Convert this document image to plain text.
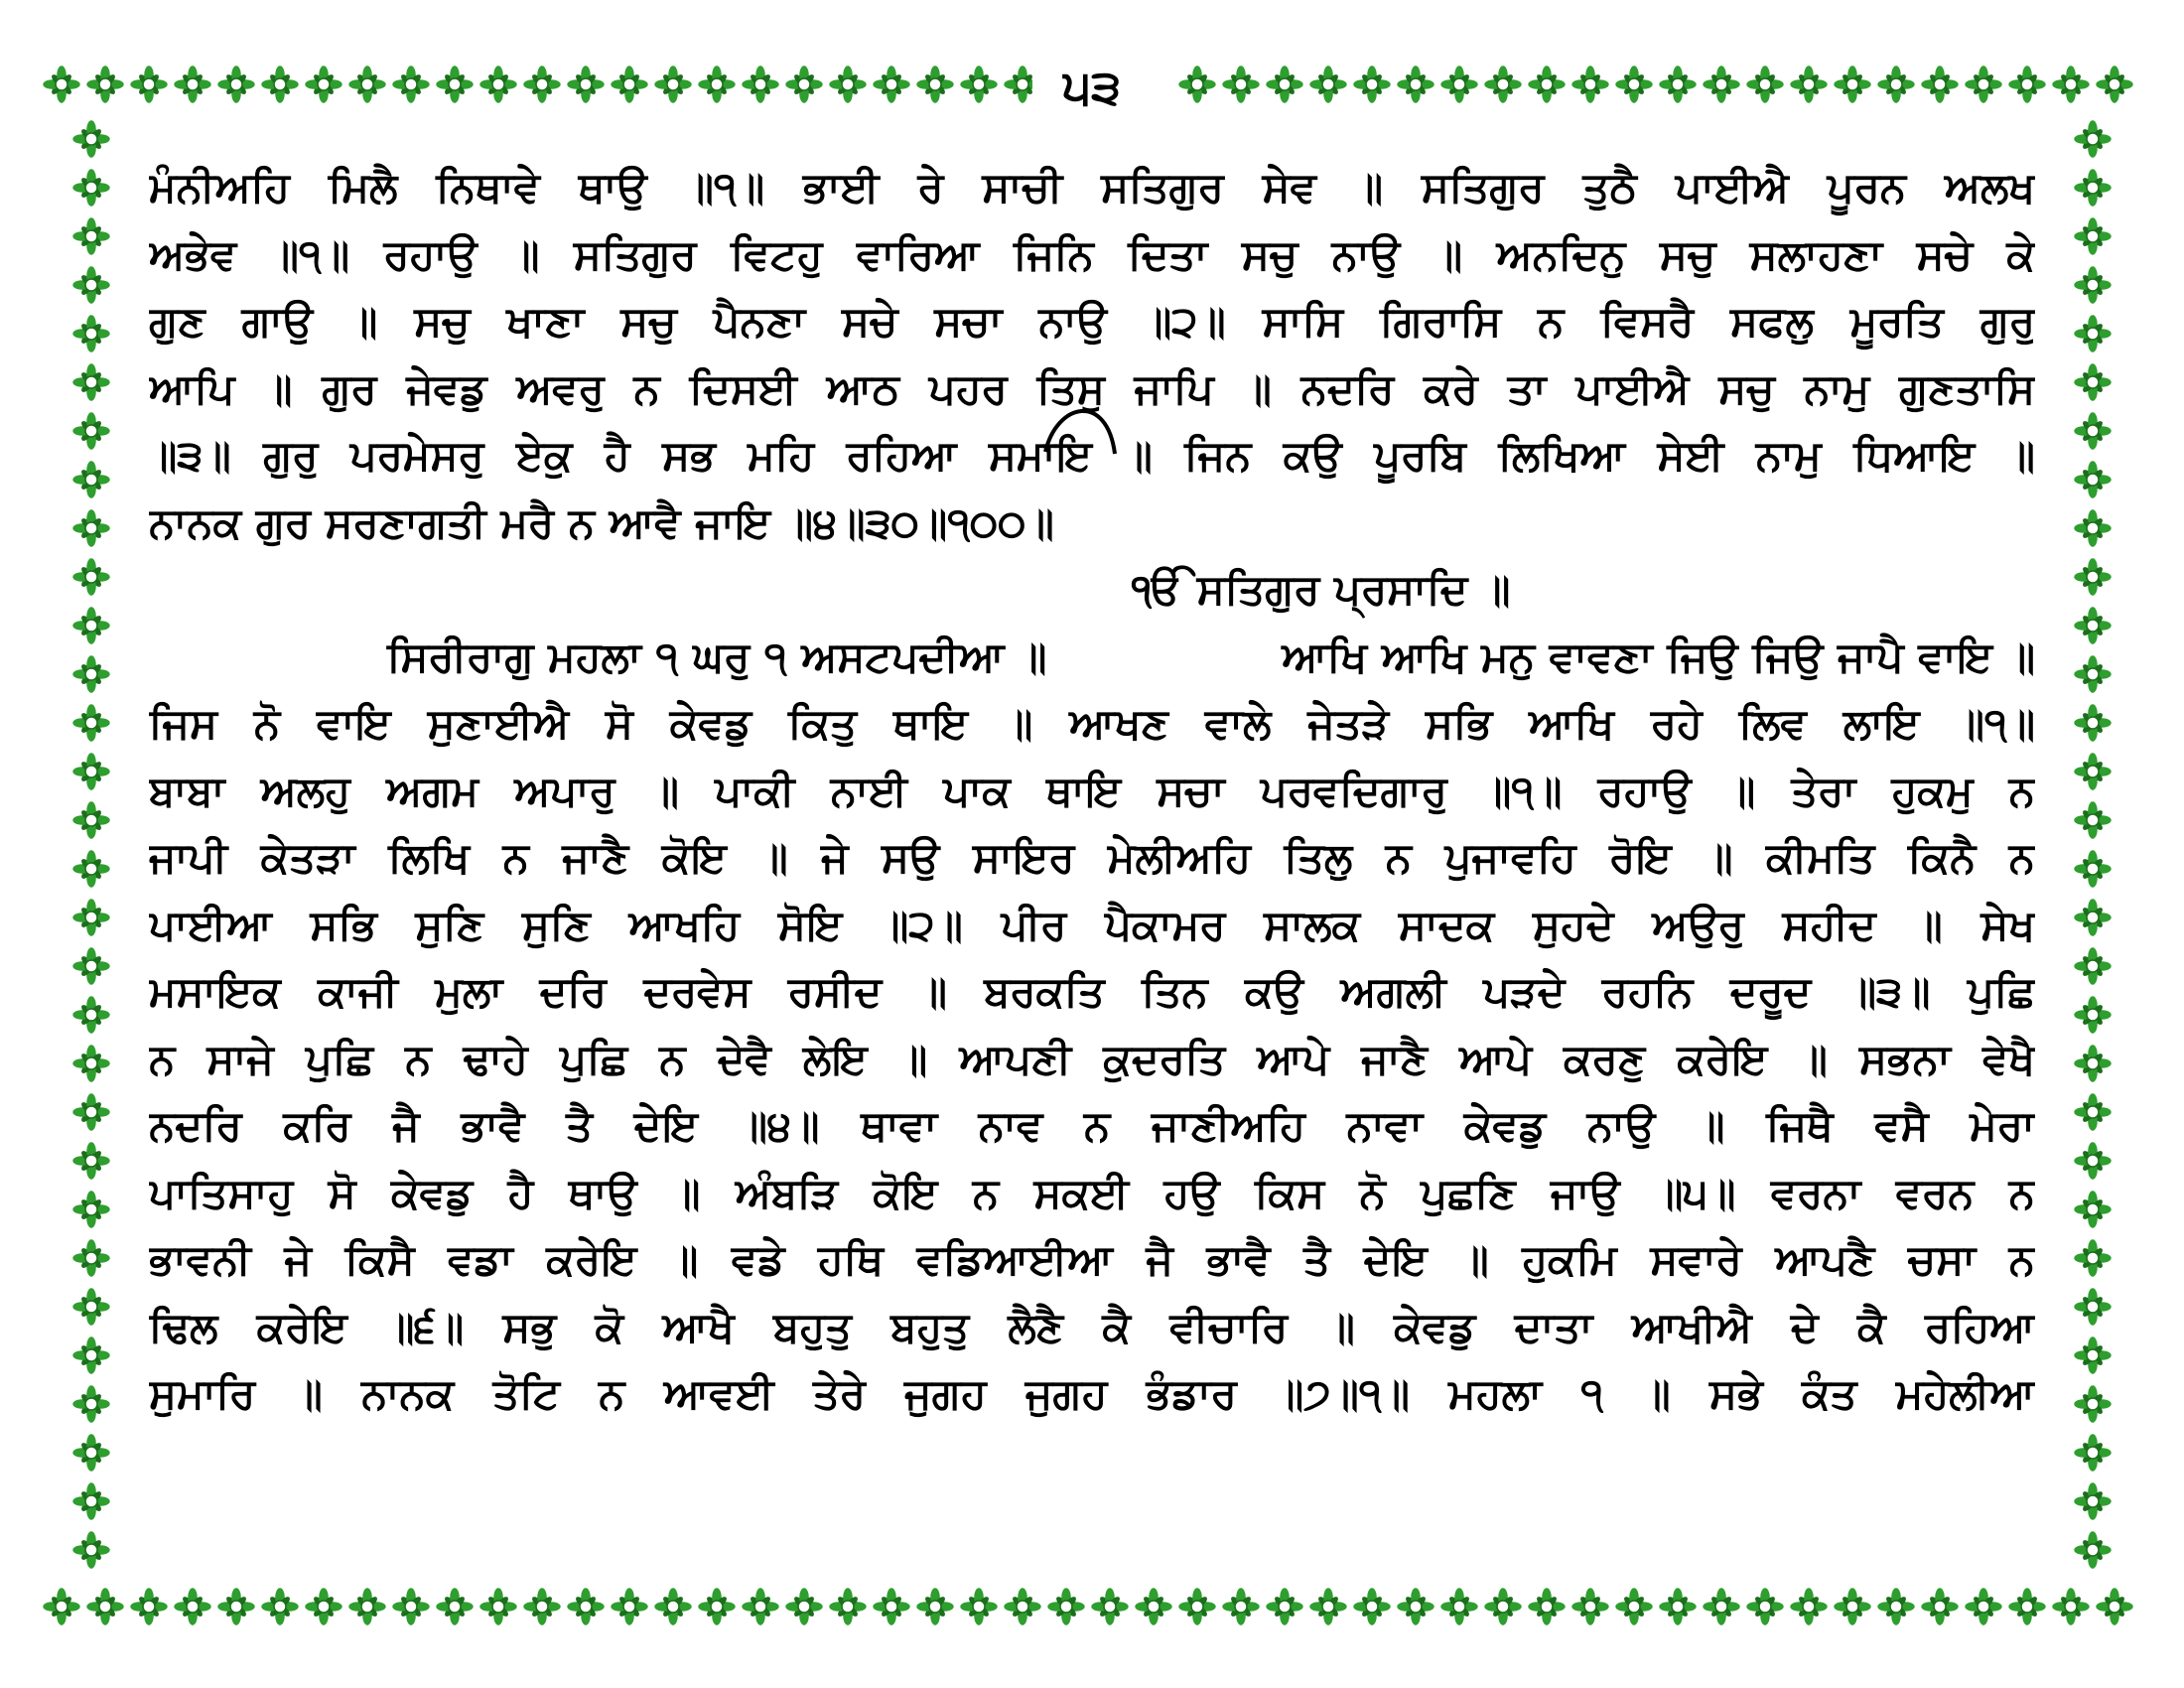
੫੩
ਮੰਨੀਅਹਿ ਮਿਲੈ ਨਿਥਾਵੇ ਥਾਉ ॥੧॥ ਭਾਈ ਰੇ ਸਾਚੀ ਸਤਿਗੁਰ ਸੇਵ ॥ ਸਤਿਗੁਰ ਤੁਠੈ ਪਾਈਐ ਪੂਰਨ ਅਲਖ
ਅਭੇਵ ॥੧॥ ਰਹਾਉ ॥ ਸਤਿਗੁਰ ਵਿਟਹੁ ਵਾਰਿਆ ਜਿਨਿ ਦਿਤਾ ਸਚੁ ਨਾਉ ॥ ਅਨਦਿਨੁ ਸਚੁ ਸਲਾਹਣਾ ਸਚੇ ਕੇ
ਗੁਣ ਗਾਉ ॥ ਸਚੁ ਖਾਣਾ ਸਚੁ ਪੈਨਣਾ ਸਚੇ ਸਚਾ ਨਾਉ ॥੨॥ ਸਾਸਿ ਗਿਰਾਸਿ ਨ ਵਿਸਰੈ ਸਫਲੁ ਮੂਰਤਿ ਗੁਰੁ
ਆਪਿ ॥ ਗੁਰ ਜੇਵਡੁ ਅਵਰੁ ਨ ਦਿਸਈ ਆਠ ਪਹਰ ਤਿਸੁ ਜਾਪਿ ॥ ਨਦਰਿ ਕਰੇ ਤਾ ਪਾਈਐ ਸਚੁ ਨਾਮੁ ਗੁਣਤਾਸਿ
॥੩॥ ਗੁਰੁ ਪਰਮੇਸਰੁ ਏਕੁ ਹੈ ਸਭ ਮਹਿ ਰਹਿਆ ਸਮਾਇ ॥ ਜਿਨ ਕਉ ਪੂਰਬਿ ਲਿਖਿਆ ਸੇਈ ਨਾਮੁ ਧਿਆਇ ॥
ਨਾਨਕ ਗੁਰ ਸਰਣਾਗਤੀ ਮਰੈ ਨ ਆਵੈ ਜਾਇ ॥੪॥੩੦॥੧੦੦॥
ੴ ਸਤਿਗੁਰ ਪ੍ਰਸਾਦਿ ॥
ਸਿਰੀਰਾਗੁ ਮਹਲਾ ੧ ਘਰੁ ੧ ਅਸਟਪਦੀਆ ॥	ਆਖਿ ਆਖਿ ਮਨੁ ਵਾਵਣਾ ਜਿਉ ਜਿਉ ਜਾਪੈ ਵਾਇ ॥
ਜਿਸ ਨੋ ਵਾਇ ਸੁਣਾਈਐ ਸੋ ਕੇਵਡੁ ਕਿਤੁ ਥਾਇ ॥ ਆਖਣ ਵਾਲੇ ਜੇਤੜੇ ਸਭਿ ਆਖਿ ਰਹੇ ਲਿਵ ਲਾਇ ॥੧॥
ਬਾਬਾ ਅਲਹੁ ਅਗਮ ਅਪਾਰੁ ॥ ਪਾਕੀ ਨਾਈ ਪਾਕ ਥਾਇ ਸਚਾ ਪਰਵਦਿਗਾਰੁ ॥੧॥ ਰਹਾਉ ॥ ਤੇਰਾ ਹੁਕਮੁ ਨ
ਜਾਪੀ ਕੇਤੜਾ ਲਿਖਿ ਨ ਜਾਣੈ ਕੋਇ ॥ ਜੇ ਸਉ ਸਾਇਰ ਮੇਲੀਅਹਿ ਤਿਲੁ ਨ ਪੁਜਾਵਹਿ ਰੋਇ ॥ ਕੀਮਤਿ ਕਿਨੈ ਨ
ਪਾਈਆ ਸਭਿ ਸੁਣਿ ਸੁਣਿ ਆਖਹਿ ਸੋਇ ॥੨॥ ਪੀਰ ਪੈਕਾਮਰ ਸਾਲਕ ਸਾਦਕ ਸੁਹਦੇ ਅਉਰੁ ਸਹੀਦ ॥ ਸੇਖ
ਮਸਾਇਕ ਕਾਜੀ ਮੁਲਾ ਦਰਿ ਦਰਵੇਸ ਰਸੀਦ ॥ ਬਰਕਤਿ ਤਿਨ ਕਉ ਅਗਲੀ ਪੜਦੇ ਰਹਨਿ ਦਰੂਦ ॥੩॥ ਪੁਛਿ
ਨ ਸਾਜੇ ਪੁਛਿ ਨ ਢਾਹੇ ਪੁਛਿ ਨ ਦੇਵੈ ਲੇਇ ॥ ਆਪਣੀ ਕੁਦਰਤਿ ਆਪੇ ਜਾਣੈ ਆਪੇ ਕਰਣੁ ਕਰੇਇ ॥ ਸਭਨਾ ਵੇਖੈ
ਨਦਰਿ ਕਰਿ ਜੈ ਭਾਵੈ ਤੈ ਦੇਇ ॥੪॥ ਥਾਵਾ ਨਾਵ ਨ ਜਾਣੀਅਹਿ ਨਾਵਾ ਕੇਵਡੁ ਨਾਉ ॥ ਜਿਥੈ ਵਸੈ ਮੇਰਾ
ਪਾਤਿਸਾਹੁ ਸੋ ਕੇਵਡੁ ਹੈ ਥਾਉ ॥ ਅੰਬੜਿ ਕੋਇ ਨ ਸਕਈ ਹਉ ਕਿਸ ਨੋ ਪੁਛਣਿ ਜਾਉ ॥੫॥ ਵਰਨਾ ਵਰਨ ਨ
ਭਾਵਨੀ ਜੇ ਕਿਸੈ ਵਡਾ ਕਰੇਇ ॥ ਵਡੇ ਹਥਿ ਵਡਿਆਈਆ ਜੈ ਭਾਵੈ ਤੈ ਦੇਇ ॥ ਹੁਕਮਿ ਸਵਾਰੇ ਆਪਣੈ ਚਸਾ ਨ
ਢਿਲ ਕਰੇਇ ॥੬॥ ਸਭੁ ਕੋ ਆਖੈ ਬਹੁਤੁ ਬਹੁਤੁ ਲੈਣੈ ਕੈ ਵੀਚਾਰਿ ॥ ਕੇਵਡੁ ਦਾਤਾ ਆਖੀਐ ਦੇ ਕੈ ਰਹਿਆ
ਸੁਮਾਰਿ ॥ ਨਾਨਕ ਤੋਟਿ ਨ ਆਵਈ ਤੇਰੇ ਜੁਗਹ ਜੁਗਹ ਭੰਡਾਰ ॥੭॥੧॥ ਮਹਲਾ ੧ ॥ ਸਭੇ ਕੰਤ ਮਹੇਲੀਆ
